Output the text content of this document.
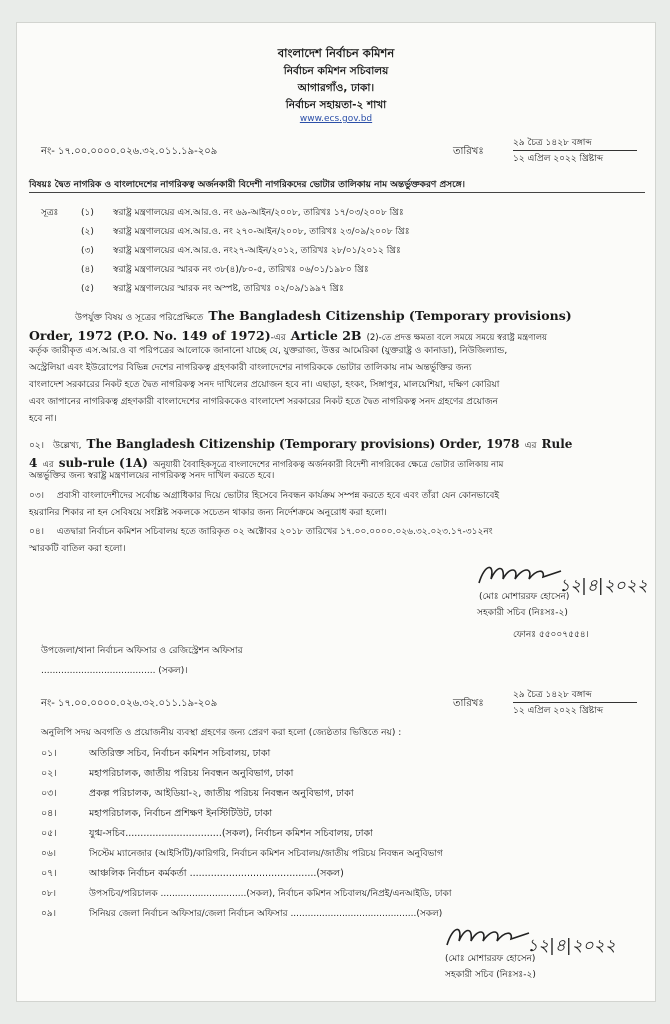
বাংলাদেশ নির্বাচন কমিশন
নির্বাচন কমিশন সচিবালয়
আগারগাঁও, ঢাকা।
নির্বাচন সহায়তা-২ শাখা
www.ecs.gov.bd
নং- ১৭.০০.০০০০.০২৬.৩২.০১১.১৯-২০৯	তারিখঃ
২৯ চৈত্র ১৪২৮ বঙ্গাব্দ
১২ এপ্রিল ২০২২ খ্রিষ্টাব্দ
বিষয়ঃ দ্বৈত নাগরিক ও বাংলাদেশের নাগরিকত্ব অর্জনকারী বিদেশী নাগরিকদের ভোটার তালিকায় নাম অন্তর্ভুক্তকরণ প্রসঙ্গে।
সূত্রঃ	(১) স্বরাষ্ট্র মন্ত্রণালয়ের এস.আর.ও. নং ৬৯-আইন/২০০৮, তারিখঃ ১৭/০৩/২০০৮ খ্রিঃ
(২) স্বরাষ্ট্র মন্ত্রণালয়ের এস.আর.ও. নং ২৭০-আইন/২০০৮, তারিখঃ ২৩/০৯/২০০৮ খ্রিঃ
(৩) স্বরাষ্ট্র মন্ত্রণালয়ের এস.আর.ও. নং২৭-আইন/২০১২, তারিখঃ ২৮/০১/২০১২ খ্রিঃ
(৪) স্বরাষ্ট্র মন্ত্রণালয়ের স্মারক নং ৩৮(৪)/৮০-৫, তারিখঃ ০৬/০১/১৯৮০ খ্রিঃ
(৫) স্বরাষ্ট্র মন্ত্রণালয়ের স্মারক নং অস্পষ্ট, তারিখঃ ০২/০৯/১৯৯৭ খ্রিঃ
উপর্যুক্ত বিষয় ও সূত্রের পরিপ্রেক্ষিতে The Bangladesh Citizenship (Temporary provisions)
Order, 1972 (P.O. No. 149 of 1972)-এর Article 2B (2)-তে প্রদত্ত ক্ষমতা বলে সময়ে সময়ে স্বরাষ্ট্র মন্ত্রণালয়
কর্তৃক জারীকৃত এস.আর.ও বা পরিপত্রের আলোকে জানানো যাচ্ছে যে, যুক্তরাজ্য, উত্তর আমেরিকা (যুক্তরাষ্ট্র ও কানাডা), নিউজিল্যান্ড,
অস্ট্রেলিয়া এবং ইউরোপের বিভিন্ন দেশের নাগরিকত্ব গ্রহণকারী বাংলাদেশের নাগরিককে ভোটার তালিকায় নাম অন্তর্ভুক্তির জন্য
বাংলাদেশ সরকারের নিকট হতে দ্বৈত নাগরিকত্ব সনদ দাখিলের প্রয়োজন হবে না। এছাড়া, হংকং, সিঙ্গাপুর, মালয়েশিয়া, দক্ষিণ কোরিয়া
এবং জাপানের নাগরিকত্ব গ্রহণকারী বাংলাদেশের নাগরিককেও বাংলাদেশ সরকারের নিকট হতে দ্বৈত নাগরিকত্ব সনদ গ্রহণের প্রয়োজন
হবে না।
০২। উল্লেখ্য, The Bangladesh Citizenship (Temporary provisions) Order, 1978 এর Rule
4 এর sub-rule (1A) অনুযায়ী বৈবাহিকসূত্রে বাংলাদেশের নাগরিকত্ব অর্জনকারী বিদেশী নাগরিকের ক্ষেত্রে ভোটার তালিকায় নাম
অন্তর্ভুক্তির জন্য স্বরাষ্ট্র মন্ত্রণালয়ের নাগরিকত্ব সনদ দাখিল করতে হবে।
০৩। প্রবাসী বাংলাদেশীদের সর্বোচ্চ অগ্রাধিকার দিয়ে ভোটার হিসেবে নিবন্ধন কার্যক্রম সম্পন্ন করতে হবে এবং তাঁরা যেন কোনভাবেই
হয়রানির শিকার না হন সেবিষয়ে সংশ্লিষ্ট সকলকে সচেতন থাকার জন্য নির্দেশক্রমে অনুরোধ করা হলো।
০৪। এতদ্বারা নির্বাচন কমিশন সচিবালয় হতে জারিকৃত ০২ অক্টোবর ২০১৮ তারিখের ১৭.০০.০০০০.০২৬.৩২.০২৩.১৭-৩১২নং
স্মারকটি বাতিল করা হলো।
১২|৪|২০২২
(মোঃ মোশাররফ হোসেন)
সহকারী সচিব (নিঃসঃ-২)
ফোনঃ ৫৫০০৭৫৫৪।
উপজেলা/থানা নির্বাচন অফিসার ও রেজিস্ট্রেশন অফিসার
........................................ (সকল)।
নং- ১৭.০০.০০০০.০২৬.৩২.০১১.১৯-২০৯	তারিখঃ
২৯ চৈত্র ১৪২৮ বঙ্গাব্দ
১২ এপ্রিল ২০২২ খ্রিষ্টাব্দ
অনুলিপি সদয় অবগতি ও প্রয়োজনীয় ব্যবস্থা গ্রহণের জন্য প্রেরণ করা হলো (জ্যেষ্ঠতার ভিত্তিতে নয়) :
০১।	অতিরিক্ত সচিব, নির্বাচন কমিশন সচিবালয়, ঢাকা
০২।	মহাপরিচালক, জাতীয় পরিচয় নিবন্ধন অনুবিভাগ, ঢাকা
০৩।	প্রকল্প পরিচালক, আইডিয়া-২, জাতীয় পরিচয় নিবন্ধন অনুবিভাগ, ঢাকা
০৪।	মহাপরিচালক, নির্বাচন প্রশিক্ষণ ইনস্টিটিউট, ঢাকা
০৫।	যুগ্ম-সচিব................................(সকল), নির্বাচন কমিশন সচিবালয়, ঢাকা
০৬।	সিস্টেম ম্যানেজার (আইসিটি)/কারিগরি, নির্বাচন কমিশন সচিবালয়/জাতীয় পরিচয় নিবন্ধন অনুবিভাগ
০৭।	আঞ্চলিক নির্বাচন কর্মকর্তা ..........................................(সকল)
০৮।	উপসচিব/পরিচালক ..............................(সকল), নির্বাচন কমিশন সচিবালয়/নিপ্রই/এনআইডি, ঢাকা
০৯।	সিনিয়র জেলা নির্বাচন অফিসার/জেলা নির্বাচন অফিসার ............................................(সকল)
১২|৪|২০২২
(মোঃ মোশাররফ হোসেন)
সহকারী সচিব (নিঃসঃ-২)
